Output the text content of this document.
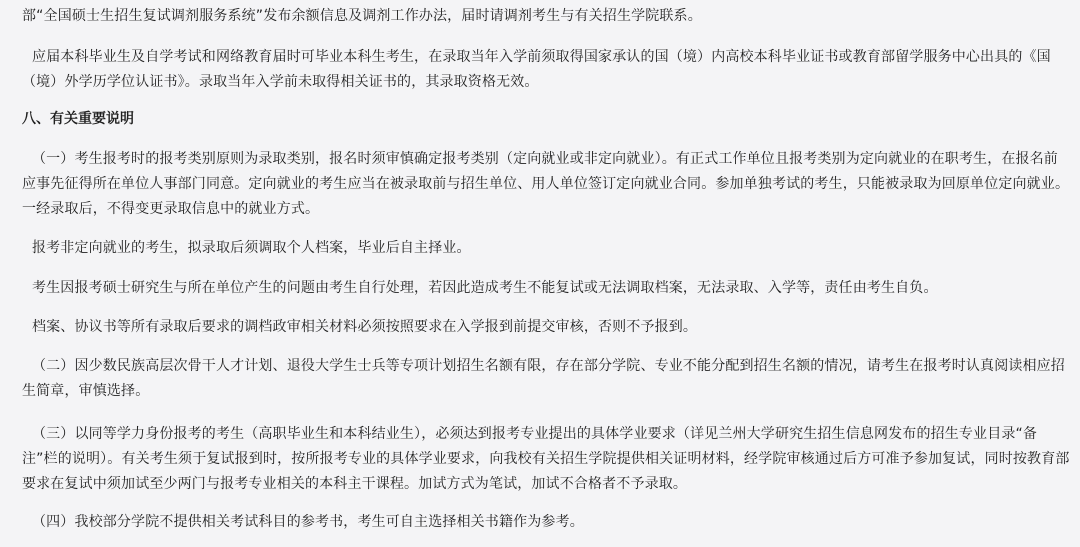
部“全国硕士生招生复试调剂服务系统”发布余额信息及调剂工作办法，届时请调剂考生与有关招生学院联系。

应届本科毕业生及自学考试和网络教育届时可毕业本科生考生，在录取当年入学前须取得国家承认的国（境）内高校本科毕业证书或教育部留学服务中心出具的《国（境）外学历学位认证书》。录取当年入学前未取得相关证书的，其录取资格无效。

八、有关重要说明

（一）考生报考时的报考类别原则为录取类别，报名时须审慎确定报考类别（定向就业或非定向就业）。有正式工作单位且报考类别为定向就业的在职考生，在报名前应事先征得所在单位人事部门同意。定向就业的考生应当在被录取前与招生单位、用人单位签订定向就业合同。参加单独考试的考生，只能被录取为回原单位定向就业。一经录取后，不得变更录取信息中的就业方式。

报考非定向就业的考生，拟录取后须调取个人档案，毕业后自主择业。

考生因报考硕士研究生与所在单位产生的问题由考生自行处理，若因此造成考生不能复试或无法调取档案，无法录取、入学等，责任由考生自负。

档案、协议书等所有录取后要求的调档政审相关材料必须按照要求在入学报到前提交审核，否则不予报到。

（二）因少数民族高层次骨干人才计划、退役大学生士兵等专项计划招生名额有限，存在部分学院、专业不能分配到招生名额的情况，请考生在报考时认真阅读相应招生简章，审慎选择。

（三）以同等学力身份报考的考生（高职毕业生和本科结业生），必须达到报考专业提出的具体学业要求（详见兰州大学研究生招生信息网发布的招生专业目录“备注”栏的说明）。有关考生须于复试报到时，按所报考专业的具体学业要求，向我校有关招生学院提供相关证明材料，经学院审核通过后方可准予参加复试，同时按教育部要求在复试中须加试至少两门与报考专业相关的本科主干课程。加试方式为笔试，加试不合格者不予录取。

（四）我校部分学院不提供相关考试科目的参考书，考生可自主选择相关书籍作为参考。
